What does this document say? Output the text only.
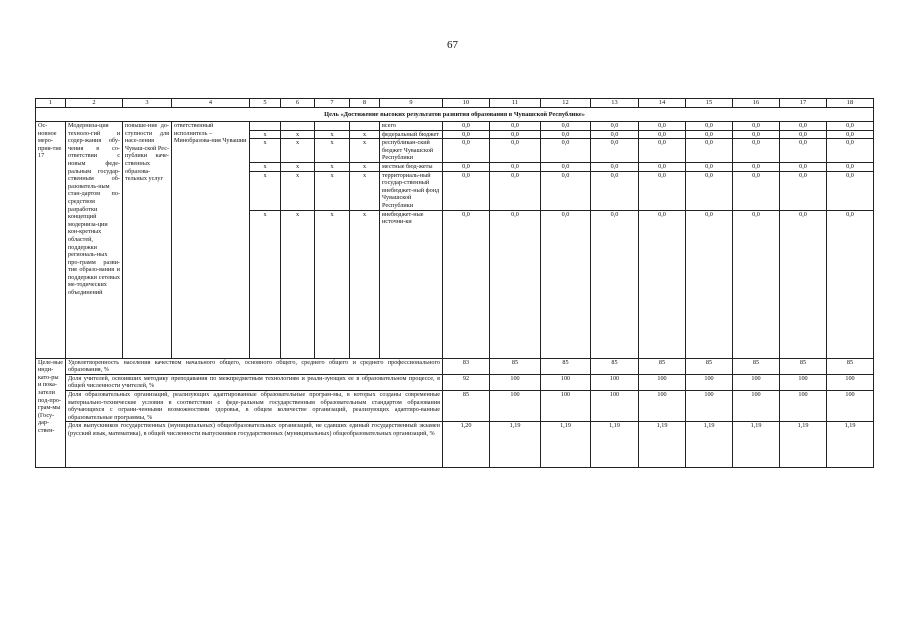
67
1	2	3	4	5	6	7	8	9	10	11	12	13	14	15	16	17	18
Цель «Достижение высоких результатов развития образования в Чувашской Республике»																	
Ос-новное меро-прия-тие 17	Модерниза-ция техноло-гий и содер-жания обу-чения в со-ответствии с новым феде-ральным государ-ственным об-разователь-ным стан-дартом по-средством разработки концепций модерниза-ции кон-кретных областей, поддержки региональ-ных про-грамм разви-тия образо-вания и поддержки сетевых ме-тодических объединений	повыше-ние до-ступности для насе-ления Чуваш-ской Рес-публики каче-ственных образова-тельных услуг	ответственный исполнитель – Минобразова-ния Чувашии					всего	0,0	0,0	0,0	0,0	0,0	0,0	0,0	0,0	0,0
				х	х	х	х	федеральный бюджет	0,0	0,0	0,0	0,0	0,0	0,0	0,0	0,0	0,0
				х	х	х	х	республикан-ский бюджет Чувашской Республики	0,0	0,0	0,0	0,0	0,0	0,0	0,0	0,0	0,0
				х	х	х	х	местные бюд-жеты	0,0	0,0	0,0	0,0	0,0	0,0	0,0	0,0	0,0
				х	х	х	х	территориаль-ный государ-ственный внебюджет-ный фонд Чувашской Республики	0,0	0,0	0,0	0,0	0,0	0,0	0,0	0,0	0,0
				х	х	х	х	внебюджет-ные источни-ки	0,0	0,0	0,0	0,0	0,0	0,0	0,0	0,0	0,0
Целе-вые инди-като-ры и пока-затели под-про-грам-мы (Госу-дар-ствен-	Удовлетворенность населения качеством начального общего, основного общего, среднего общего и среднего профессионального образования, %								83	85	85	85	85	85	85	85	85
	Доля учителей, освоивших методику преподавания по межпредметным технологиям и реали-зующих ее в образовательном процессе, в общей численности учителей, %								92	100	100	100	100	100	100	100	100
	Доля образовательных организаций, реализующих адаптированные образовательные програм-мы, в которых созданы современные материально-технические условия в соответствии с феде-ральным государственным образовательным стандартом образования обучающихся с ограни-ченными возможностями здоровья, в общем количестве организаций, реализующих адаптиро-ванные образовательные программы, %								85	100	100	100	100	100	100	100	100
	Доля выпускников государственных (муниципальных) общеобразовательных организаций, не сдавших единый государственный экзамен (русский язык, математика), в общей численности выпускников государственных (муниципальных) общеобразовательных организаций, %								1,20	1,19	1,19	1,19	1,19	1,19	1,19	1,19	1,19
